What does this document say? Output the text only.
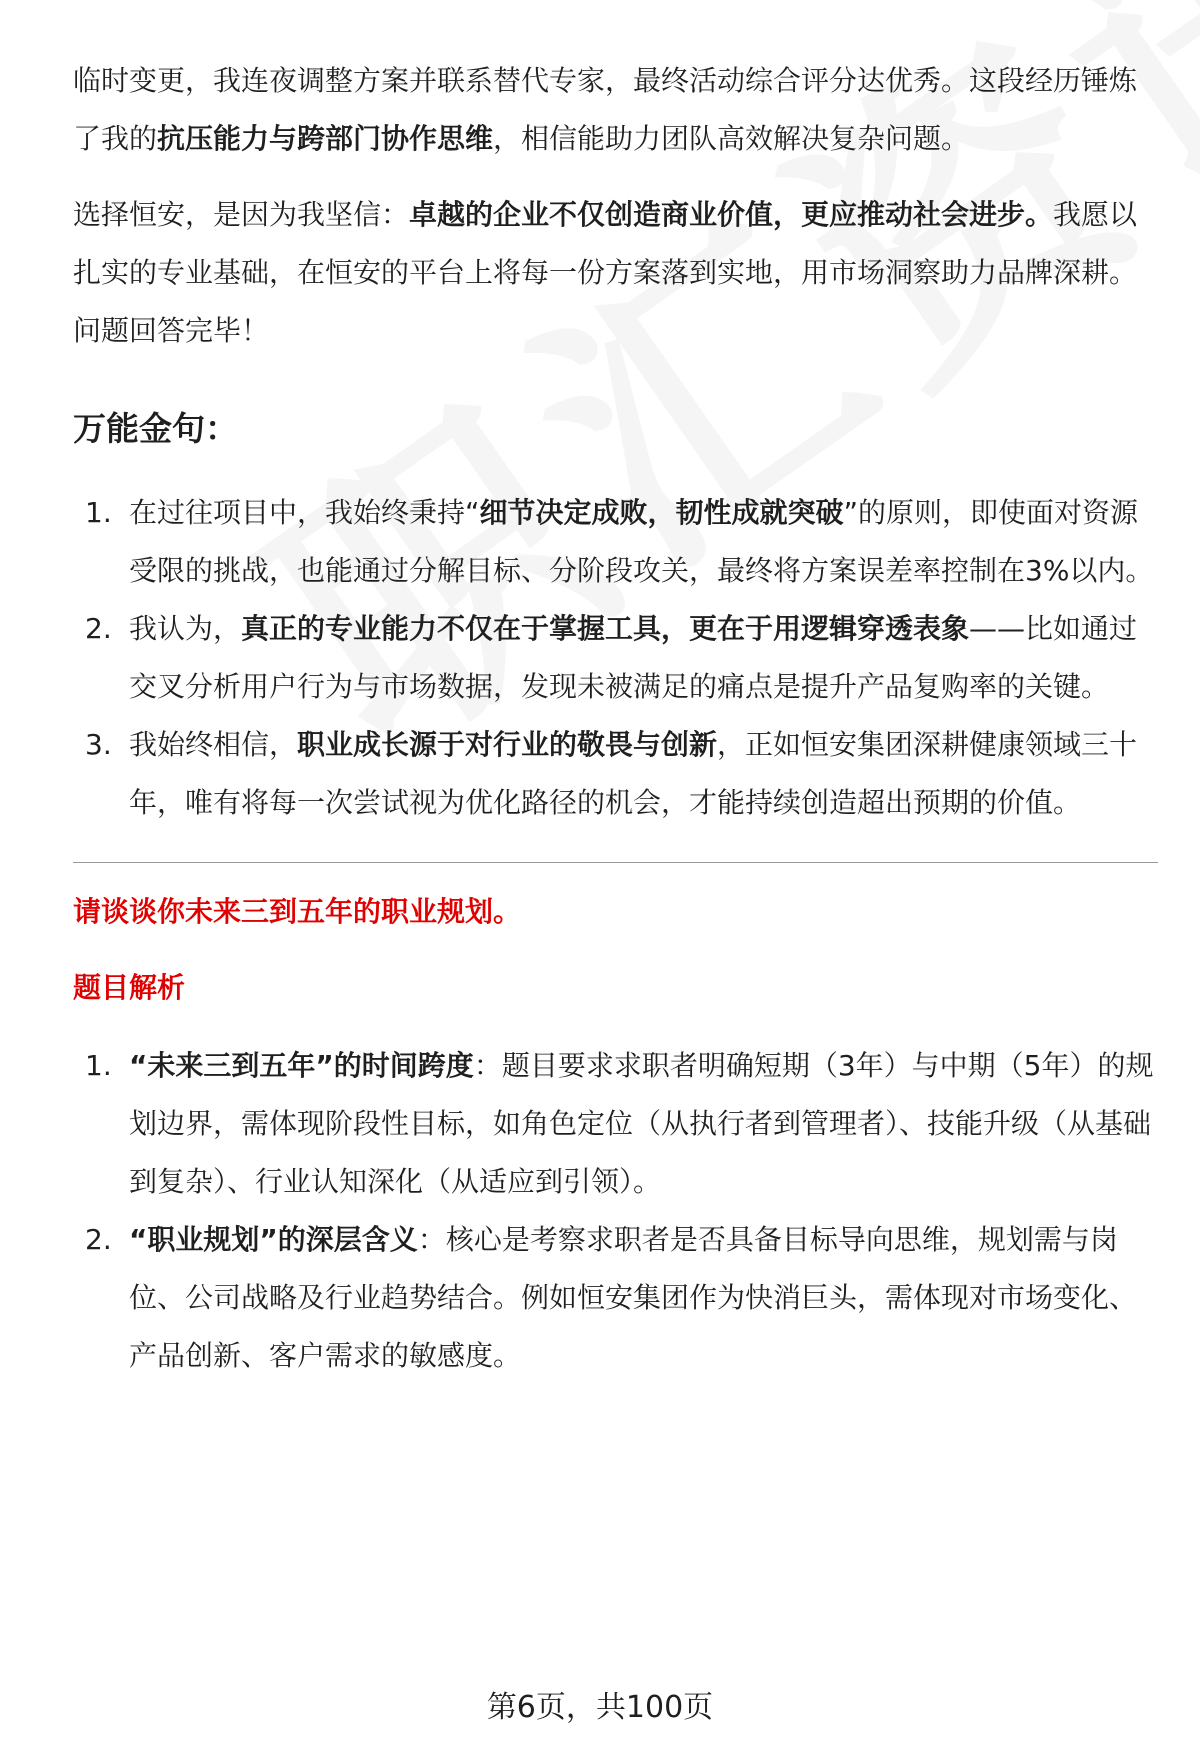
临时变更，我连夜调整方案并联系替代专家，最终活动综合评分达优秀。这段经历锤炼了我的抗压能力与跨部门协作思维，相信能助力团队高效解决复杂问题。

选择恒安，是因为我坚信：卓越的企业不仅创造商业价值，更应推动社会进步。我愿以扎实的专业基础，在恒安的平台上将每一份方案落到实地，用市场洞察助力品牌深耕。问题回答完毕！

万能金句：
1. 在过往项目中，我始终秉持“细节决定成败，韧性成就突破”的原则，即使面对资源受限的挑战，也能通过分解目标、分阶段攻关，最终将方案误差率控制在3%以内。
2. 我认为，真正的专业能力不仅在于掌握工具，更在于用逻辑穿透表象——比如通过交叉分析用户行为与市场数据，发现未被满足的痛点是提升产品复购率的关键。
3. 我始终相信，职业成长源于对行业的敬畏与创新，正如恒安集团深耕健康领域三十年，唯有将每一次尝试视为优化路径的机会，才能持续创造超出预期的价值。
请谈谈你未来三到五年的职业规划。
题目解析
1. “未来三到五年”的时间跨度：题目要求求职者明确短期（3年）与中期（5年）的规划边界，需体现阶段性目标，如角色定位（从执行者到管理者）、技能升级（从基础到复杂）、行业认知深化（从适应到引领）。
2. “职业规划”的深层含义：核心是考察求职者是否具备目标导向思维，规划需与岗位、公司战略及行业趋势结合。例如恒安集团作为快消巨头，需体现对市场变化、产品创新、客户需求的敏感度。
第6页，共100页
